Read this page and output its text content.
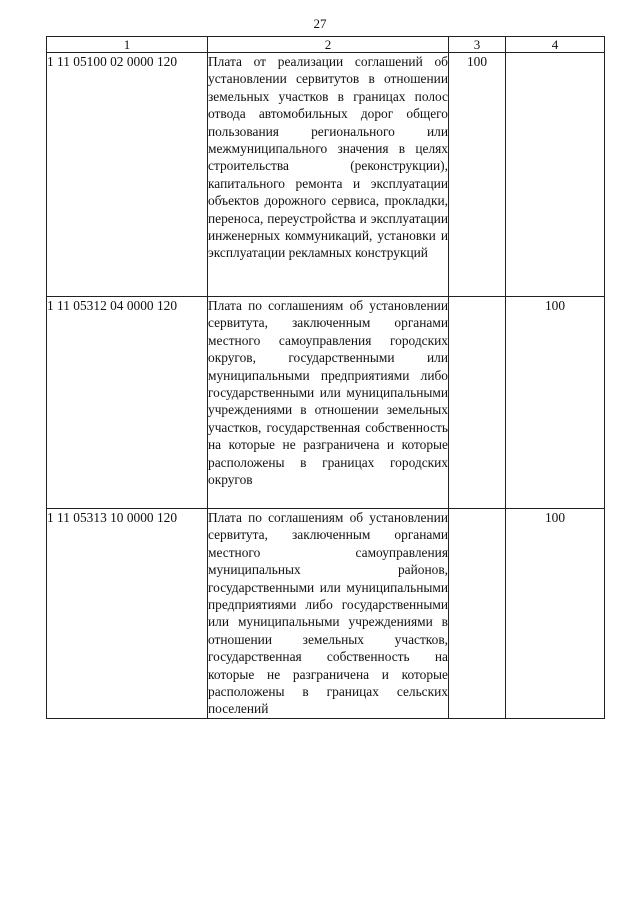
27
1	2	3	4
1 11 05100 02 0000 120	Плата от реализации соглашений об установлении сервитутов в отношении земельных участков в границах полос отвода автомобильных дорог общего пользования регионального или межмуниципального значения в целях строительства (реконструкции), капитального ремонта и эксплуатации объектов дорожного сервиса, прокладки, переноса, переустройства и эксплуатации инженерных коммуникаций, установки и эксплуатации рекламных конструкций	100	
1 11 05312 04 0000 120	Плата по соглашениям об установлении сервитута, заключенным органами местного самоуправления городских округов, государственными или муниципальными предприятиями либо государственными или муниципальными учреждениями в отношении земельных участков, государственная собственность на которые не разграничена и которые расположены в границах городских округов		100
1 11 05313 10 0000 120	Плата по соглашениям об установлении сервитута, заключенным органами местного самоуправления муниципальных районов, государственными или муниципальными предприятиями либо государственными или муниципальными учреждениями в отношении земельных участков, государственная собственность на которые не разграничена и которые расположены в границах сельских поселений		100
